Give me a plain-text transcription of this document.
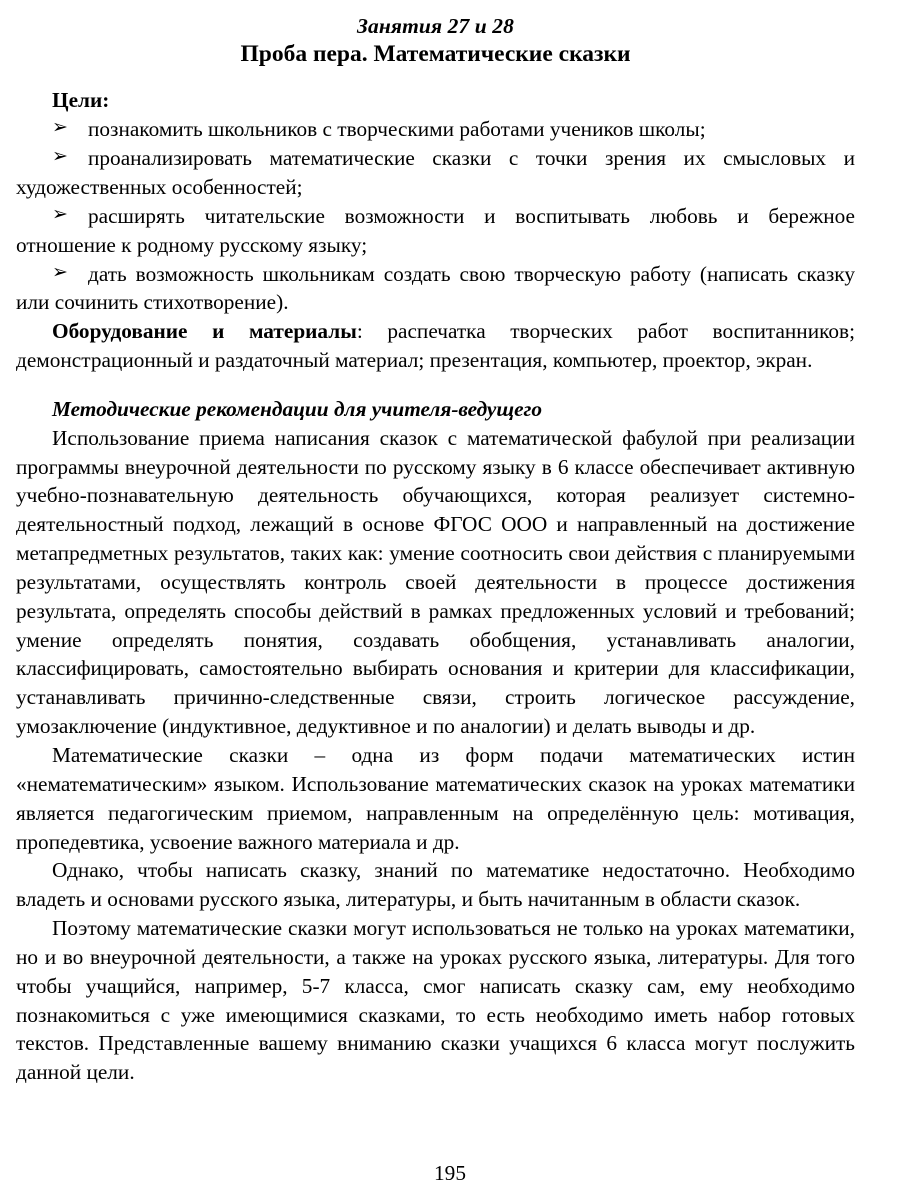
Занятия 27 и 28
Проба пера. Математические сказки

Цели:

➢ познакомить школьников с творческими работами учеников школы;

➢ проанализировать математические сказки с точки зрения их смысловых и художественных особенностей;

➢ расширять читательские возможности и воспитывать любовь и бережное отношение к родному русскому языку;

➢ дать возможность школьникам создать свою творческую работу (написать сказку или сочинить стихотворение).

Оборудование и материалы: распечатка творческих работ воспитанников; демонстрационный и раздаточный материал; презентация, компьютер, проектор, экран.

Методические рекомендации для учителя-ведущего

Использование приема написания сказок с математической фабулой при реализации программы внеурочной деятельности по русскому языку в 6 классе обеспечивает активную учебно-познавательную деятельность обучающихся, которая реализует системно-деятельностный подход, лежащий в основе ФГОС ООО и направленный на достижение метапредметных результатов, таких как: умение соотносить свои действия с планируемыми результатами, осуществлять контроль своей деятельности в процессе достижения результата, определять способы действий в рамках предложенных условий и требований; умение определять понятия, создавать обобщения, устанавливать аналогии, классифицировать, самостоятельно выбирать основания и критерии для классификации, устанавливать причинно-следственные связи, строить логическое рассуждение, умозаключение (индуктивное, дедуктивное и по аналогии) и делать выводы и др.

Математические сказки – одна из форм подачи математических истин «нематематическим» языком. Использование математических сказок на уроках математики является педагогическим приемом, направленным на определённую цель: мотивация, пропедевтика, усвоение важного материала и др.

Однако, чтобы написать сказку, знаний по математике недостаточно. Необходимо владеть и основами русского языка, литературы, и быть начитанным в области сказок.

Поэтому математические сказки могут использоваться не только на уроках математики, но и во внеурочной деятельности, а также на уроках русского языка, литературы. Для того чтобы учащийся, например, 5-7 класса, смог написать сказку сам, ему необходимо познакомиться с уже имеющимися сказками, то есть необходимо иметь набор готовых текстов. Представленные вашему вниманию сказки учащихся 6 класса могут послужить данной цели.

195
